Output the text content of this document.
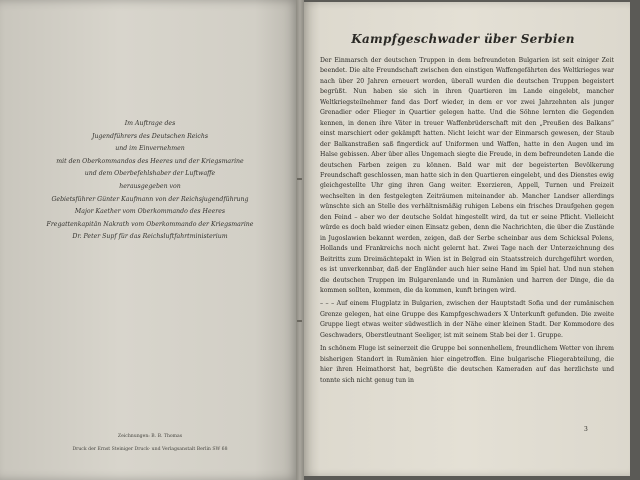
Im Auftrage des
Jugendführers des Deutschen Reichs
und im Einvernehmen
mit den Oberkommandos des Heeres und der Kriegsmarine
und dem Oberbefehlshaber der Luftwaffe
herausgegeben von
Gebietsführer Günter Kaufmann von der Reichsjugendführung
Major Kaether vom Oberkommando des Heeres
Fregattenkapitän Nakrath vom Oberkommando der Kriegsmarine
Dr. Peter Supf für das Reichsluftfahrtministerium
Zeichnungen: B. B. Thomas
Druck der Ernst Steiniger Druck- und Verlagsanstalt Berlin SW 68
Kampfgeschwader über Serbien

Der Einmarsch der deutschen Truppen in dem befreundeten Bulgarien ist seit einiger Zeit beendet. Die alte Freundschaft zwischen den einstigen Waffengefährten des Weltkrieges war nach über 20 Jahren erneuert worden, überall wurden die deutschen Truppen begeistert begrüßt. Nun haben sie sich in ihren Quartieren im Lande eingelebt, mancher Weltkriegsteilnehmer fand das Dorf wieder, in dem er vor zwei Jahrzehnten als junger Grenadier oder Flieger in Quartier gelegen hatte. Und die Söhne lernten die Gegenden kennen, in denen ihre Väter in treuer Waffenbrüderschaft mit den „Preußen des Balkans“ einst marschiert oder gekämpft hatten. Nicht leicht war der Einmarsch gewesen, der Staub der Balkanstraßen saß fingerdick auf Uniformen und Waffen, hatte in den Augen und im Halse gebissen. Aber über alles Ungemach siegte die Freude, in dem befreundeten Lande die deutschen Farben zeigen zu können. Bald war mit der begeisterten Bevölkerung Freundschaft geschlossen, man hatte sich in den Quartieren eingelebt, und des Dienstes ewig gleichgestellte Uhr ging ihren Gang weiter. Exerzieren, Appell, Turnen und Freizeit wechselten in den festgelegten Zeiträumen miteinander ab. Mancher Landser allerdings wünschte sich an Stelle des verhältnismäßig ruhigen Lebens ein frisches Draufgehen gegen den Feind – aber wo der deutsche Soldat hingestellt wird, da tut er seine Pflicht. Vielleicht würde es doch bald wieder einen Einsatz geben, denn die Nachrichten, die über die Zustände in Jugoslawien bekannt werden, zeigen, daß der Serbe scheinbar aus dem Schicksal Polens, Hollands und Frankreichs noch nicht gelernt hat. Zwei Tage nach der Unterzeichnung des Beitritts zum Dreimächtepakt in Wien ist in Belgrad ein Staatsstreich durchgeführt worden, es ist unverkennbar, daß der Engländer auch hier seine Hand im Spiel hat. Und nun stehen die deutschen Truppen im Bulgarenlande und in Rumänien und harren der Dinge, die da kommen sollten, kommen, die da kommen, kunft bringen wird.

– – – Auf einem Flugplatz in Bulgarien, zwischen der Hauptstadt Sofia und der rumänischen Grenze gelegen, hat eine Gruppe des Kampfgeschwaders X Unterkunft gefunden. Die zweite Gruppe liegt etwas weiter südwestlich in der Nähe einer kleinen Stadt. Der Kommodore des Geschwaders, Oberstleutnant Seeliger, ist mit seinem Stab bei der 1. Gruppe.

In schönem Fluge ist seinerzeit die Gruppe bei sonnenhellem, freundlichem Wetter von ihrem bisherigen Standort in Rumänien hier eingetroffen. Eine bulgarische Fliegerabteilung, die hier ihren Heimathorst hat, begrüßte die deutschen Kameraden auf das herzlichste und tonnte sich nicht genug tun in

3
